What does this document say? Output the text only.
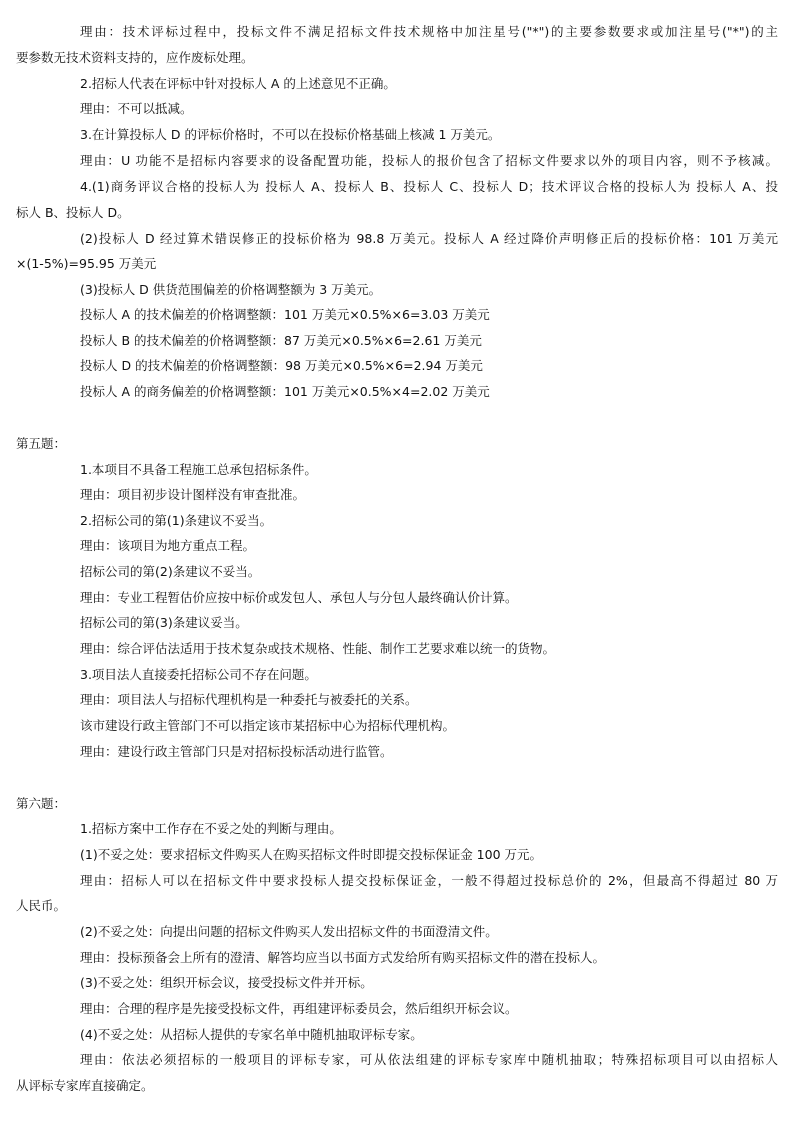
理由：技术评标过程中，投标文件不满足招标文件技术规格中加注星号("*")的主要参数要求或加注星号("*")的主
要参数无技术资料支持的，应作废标处理。
2.招标人代表在评标中针对投标人 A 的上述意见不正确。
理由：不可以抵减。
3.在计算投标人 D 的评标价格时，不可以在投标价格基础上核减 1 万美元。
理由：U 功能不是招标内容要求的设备配置功能，投标人的报价包含了招标文件要求以外的项目内容，则不予核减。
4.(1)商务评议合格的投标人为 投标人 A、投标人 B、投标人 C、投标人 D；技术评议合格的投标人为 投标人 A、投
标人 B、投标人 D。
(2)投标人 D 经过算术错误修正的投标价格为 98.8 万美元。投标人 A 经过降价声明修正后的投标价格：101 万美元
×(1-5%)=95.95 万美元
(3)投标人 D 供货范围偏差的价格调整额为 3 万美元。
投标人 A 的技术偏差的价格调整额：101 万美元×0.5%×6=3.03 万美元
投标人 B 的技术偏差的价格调整额：87 万美元×0.5%×6=2.61 万美元
投标人 D 的技术偏差的价格调整额：98 万美元×0.5%×6=2.94 万美元
投标人 A 的商务偏差的价格调整额：101 万美元×0.5%×4=2.02 万美元
第五题：
1.本项目不具备工程施工总承包招标条件。
理由：项目初步设计图样没有审查批准。
2.招标公司的第(1)条建议不妥当。
理由：该项目为地方重点工程。
招标公司的第(2)条建议不妥当。
理由：专业工程暂估价应按中标价或发包人、承包人与分包人最终确认价计算。
招标公司的第(3)条建议妥当。
理由：综合评估法适用于技术复杂或技术规格、性能、制作工艺要求难以统一的货物。
3.项目法人直接委托招标公司不存在问题。
理由：项目法人与招标代理机构是一种委托与被委托的关系。
该市建设行政主管部门不可以指定该市某招标中心为招标代理机构。
理由：建设行政主管部门只是对招标投标活动进行监管。
第六题：
1.招标方案中工作存在不妥之处的判断与理由。
(1)不妥之处：要求招标文件购买人在购买招标文件时即提交投标保证金 100 万元。
理由：招标人可以在招标文件中要求投标人提交投标保证金，一般不得超过投标总价的 2%，但最高不得超过 80 万
人民币。
(2)不妥之处：向提出问题的招标文件购买人发出招标文件的书面澄清文件。
理由：投标预备会上所有的澄清、解答均应当以书面方式发给所有购买招标文件的潜在投标人。
(3)不妥之处：组织开标会议，接受投标文件并开标。
理由：合理的程序是先接受投标文件，再组建评标委员会，然后组织开标会议。
(4)不妥之处：从招标人提供的专家名单中随机抽取评标专家。
理由：依法必须招标的一般项目的评标专家，可从依法组建的评标专家库中随机抽取；特殊招标项目可以由招标人
从评标专家库直接确定。
